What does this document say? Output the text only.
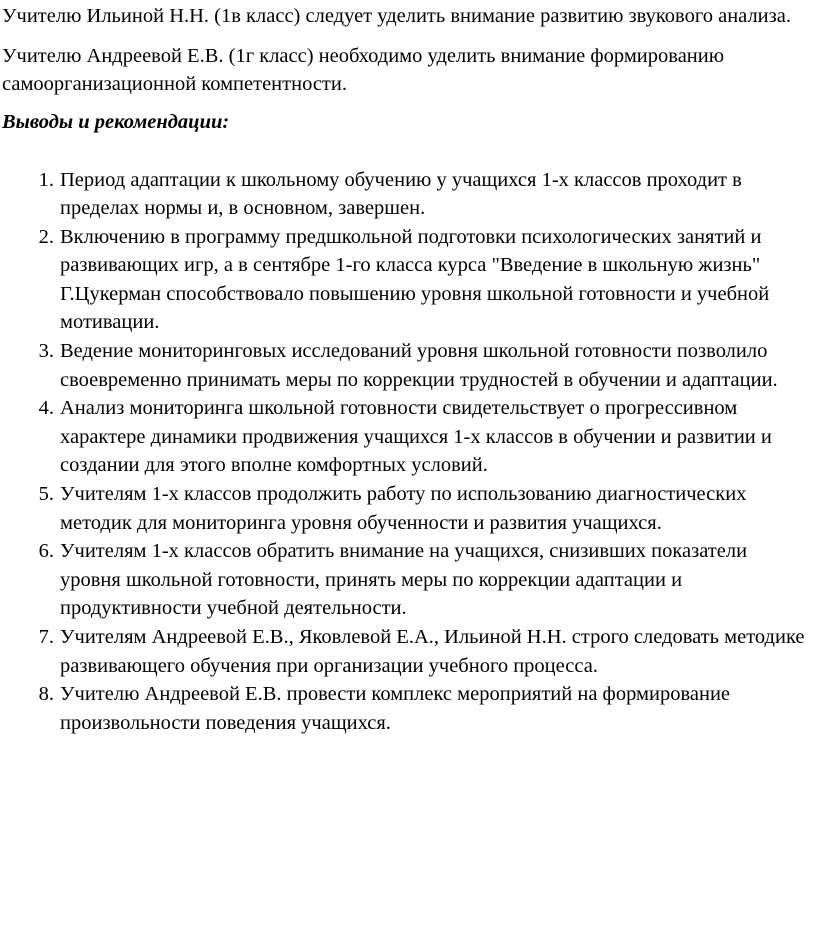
Учителю Ильиной Н.Н. (1в класс) следует уделить внимание развитию звукового анализа.

Учителю Андреевой Е.В. (1г класс) необходимо уделить внимание формированию самоорганизационной компетентности.

Выводы и рекомендации:

1. Период адаптации к школьному обучению у учащихся 1-х классов проходит в пределах нормы и, в основном, завершен.
2. Включению в программу предшкольной подготовки психологических занятий и развивающих игр, а в сентябре 1-го класса курса "Введение в школьную жизнь" Г.Цукерман способствовало повышению уровня школьной готовности и учебной мотивации.
3. Ведение мониторинговых исследований уровня школьной готовности позволило своевременно принимать меры по коррекции трудностей в обучении и адаптации.
4. Анализ мониторинга школьной готовности свидетельствует о прогрессивном характере динамики продвижения учащихся 1-х классов в обучении и развитии и создании для этого вполне комфортных условий.
5. Учителям 1-х классов продолжить работу по использованию диагностических методик для мониторинга уровня обученности и развития учащихся.
6. Учителям 1-х классов обратить внимание на учащихся, снизивших показатели уровня школьной готовности, принять меры по коррекции адаптации и продуктивности учебной деятельности.
7. Учителям Андреевой Е.В., Яковлевой Е.А., Ильиной Н.Н. строго следовать методике развивающего обучения при организации учебного процесса.
8. Учителю Андреевой Е.В. провести комплекс мероприятий на формирование произвольности поведения учащихся.
